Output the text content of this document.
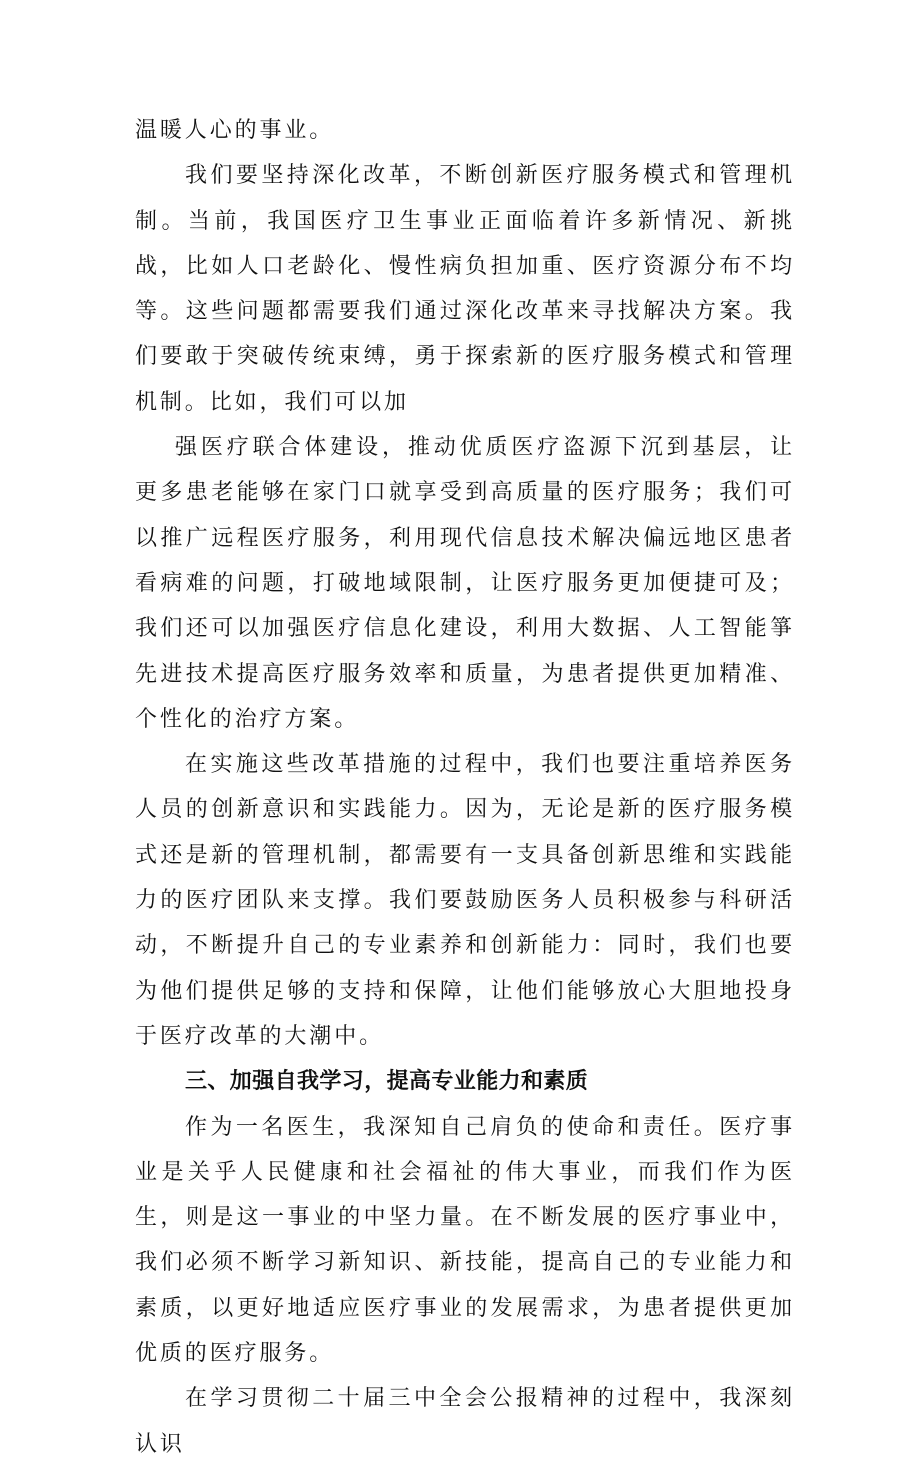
温暖人心的事业。

我们要坚持深化改革，不断创新医疗服务模式和管理机制。当前，我国医疗卫生事业正面临着许多新情况、新挑战，比如人口老龄化、慢性病负担加重、医疗资源分布不均等。这些问题都需要我们通过深化改革来寻找解决方案。我们要敢于突破传统束缚，勇于探索新的医疗服务模式和管理机制。比如，我们可以加

强医疗联合体建设，推动优质医疗盗源下沉到基层，让更多患老能够在家门口就享受到高质量的医疗服务；我们可以推广远程医疗服务，利用现代信息技术解决偏远地区患者看病难的问题，打破地域限制，让医疗服务更加便捷可及；我们还可以加强医疗信息化建设，利用大数据、人工智能箏先进技术提高医疗服务效率和质量，为患者提供更加精准、个性化的治疗方案。

在实施这些改革措施的过程中，我们也要注重培养医务人员的创新意识和实践能力。因为，无论是新的医疗服务模式还是新的管理机制，都需要有一支具备创新思维和实践能力的医疗团队来支撑。我们要鼓励医务人员积极参与科研活动，不断提升自己的专业素养和创新能力：同时，我们也要为他们提供足够的支持和保障，让他们能够放心大胆地投身于医疗改革的大潮中。

三、加强自我学习，提高专业能力和素质

作为一名医生，我深知自己肩负的使命和责任。医疗事业是关乎人民健康和社会福祉的伟大事业，而我们作为医生，则是这一事业的中坚力量。在不断发展的医疗事业中，我们必须不断学习新知识、新技能，提高自己的专业能力和素质，以更好地适应医疗事业的发展需求，为患者提供更加优质的医疗服务。

在学习贯彻二十届三中全会公报精神的过程中，我深刻认识
